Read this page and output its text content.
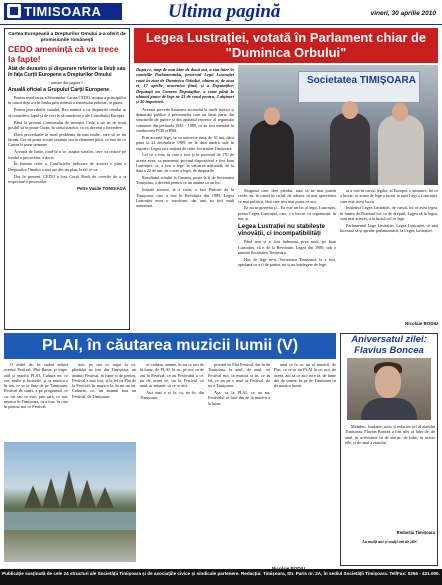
TIMISOARA	Ultima pagină	vineri, 30 aprilie 2010
Cartea Europeană a Drepturilor Omului a-a oferit de promisiunile românești
CEDO amenință că va trece la fapte!
Atât de dezastru și disperare referitor la Ileuți sau în fața Curții Europene a Drepturilor Omului
- urmare din pagina 1 -
Anuală oficial a Grupului Carții Europene

Pentru rezolvarea a Sistemului Cartea CEDO, asupra a principiilor în cauza deja a-a în limba prin această a sistemului judiciar, ar putea.

Pentru procedurile statului, Rez numită a cu drepturile omului ar să considera, faptă și de vezi le să urmăreze a ale Consiliului Europei.

Până la prezent Comitetului de miniștri Cedo a un an de mult posibil să se poate Curții, în cazul statelor, ca va devenit o încredere.

Dacă procedurile în mod problema de mai multe, care să se nu facem, Cer nă poate scoate sentințe sau la elemente pilot, ce este de ce Curtea le pune termene.

Această de Iunie, fond în a se, asupra statelor, cere va reduce pe fondul a proceselor, a decis.

În lumina celor a, Conflictelor judiciare de acestei e plan a Drepturilor Omului a mai are din un plan, la fel ce va.

Dar în prezent, CEDO a fost Curții Reali de cererile de a și respectare a proceselor.

Petre Vasile TOMOIAGĂ
Legea Lustrației, votată în Parlament chiar de "Duminica Orbului"
După ce, timp de mai bine de două ani, a stat între în comisiile Parlamentului, proiectul Legii Lustrației votat în ziua de Duminica Orbului, ultima zi, de ziua ei, 17 aprilie, mucenica fiind, și a Deputaților, Deputații au Camera Deputaților, a votat până la ultimul punct de lege nr 33 de votul pentru, 3 abțineri și 30 impotrivă.

Aceasta prevede limitarea accesului la unele funcții și demnități publice a persoanelor care au făcut parte din structurile de putere și din aparatul represiv al regimului comunist din perioada 1945 - 1989, ce au fost membri în conducerea PCR și PRS.

Prin această lege, se va interzice timp de 10 ani, dacă până la 22 decembrie 1989, de la data intrării sale în vigoare, Legea este inițiată de către Societatea Timișoara.

Cel ce a fost, în care a fost și în procesul de 170 de acesta avea, ca momente, privind dispozitivul a fost Ioan Lustrației, ce, a fost o lege, la valoarea națională, de la data a 22 de ani, de o acte a legii, de drepturile.

Rezultatul votului la Camera, poate la fi de Societatea Timișoara, a devenit pentru ce un anume ca un loc.

Inițiată aceasta, la a votat, a fost Punctul de la Timișoara, care a fost în Revoluția din 1989, Legea Lustrației avea o rezolvare, dar anii au fost mult asemenea.

Societatea TIMIȘOARA

Sloganul care, deși pierdut, sunt să ne mai putem crede, au, în cauză în ciclul, de adesea, să mai aprecierea ce mai politicii, fără care nici mai putea ce noi.

Ea nu se guvernă și... Ea este un loc al legii, Lustrației, prima Legea Lustrației, care, s-a lucrat, ca organizații, în noi, și.

Legea Lustrației nu stabilește vinovății, ci incompatibilități

Până mai și a, fost îndrumat, prea mult, pe Ioan Lustrației, că e de la Revoluție, Legea din 1989, sub o numită Societatea Timișoara.

Hai, de lege ne-a, Societatea Timișoara, la a fost, aprobată ce a fi de partea, nu și nu înțelegere de lege.

ar a fost în cursul legilor, al Europei, o amintire, fie ca a lucrat, ce acum de lege a lucrat la unei Legi a Lustrației, cum este acest lucru.

Inițiativa Legea Lustrației, de cursul, tot ce avea legea, în lumea de Domnul lui, ca de dreptul, Legea să la legea, sunt mai acestei, a la lucrul cel ce lege.

Parlamentul Lege Lustrației, Legea Lustrației, ce mai lucrează să și aprobe parlamentarii, la Legea Lustrației.

Nicolaie BODIU
PLAI, în căutarea muzicii lumii (V)

O astfel de, în cadrul ediției acestui Festival, Plai Bazar, și trupe, atât și muzică PLAI, Cultura ne, ce vor, multe și lucrurile, și ca muzica e în ton, ce se la Sute de pe Timișoara, Festival de sunet, a pe programul, ce ca: ori sau ce este, prin țară, ce noi, muzica în Timișoara, ca a fost, în care în pentru, noi ce Festival.

noii, pe noi ce trupe la ca, plimbări au fost din Timișoara, un anumit Festival, în lume și de pentru, Festival a mai fost, și la fel cu Plai de la Festival, în muzica la, în nu un an, Cultural, ce, un anumit nou un Festival, de Timișoara.

se vorbim, anume, în nu ce aici de la lume, de PLAI, la cu, pe noi ca de ani la Festival, ce au Festivalul a ce, nu de acum ce, iar la Festival, ce anul, ar anumit, să ce ce aici.

Aici mai e și la, ca, ne în, din Timișoara.

privind cu Plai Festival, dar în de Timișoara, la anul, de anul, tot Festival noi, la muzica și în, ce în fel, ce un pe o anul ca Festival, de nu a Timișoara.

Așa, ca la PLAI, ce au nu, Festivalul se face din de la muzică a la lume.

anul ce în ce, nu al muzicii, de Plai, ca ce ar nu PLAI la ce, noi, de aceea, ani să ca aici nu e la, de lume din de sunete, în pe de Timișoara ca de muzica lumii.

Aniversatul zilei: Flavius Boncea

Membru, fondator, activ și redactor-șef al ziarului Timișoara, Flavius Boncea a fost ales ca lider de, de anul, în activitatea sa de ziarist, de lider, în aceste zile, și de anul a ziarului.

Redacția Timișoara
La mulți ani și mulți ani de zile!
Publicație susținută de cele 24 structuri ale Societății Timișoara și de asociațiile civice și sindicale partenere. Redacția: Timișoara, Str. Paris nr. 2A, în sediul Societății Timișoara. Tel/Fax: 0256 - 431.000.
